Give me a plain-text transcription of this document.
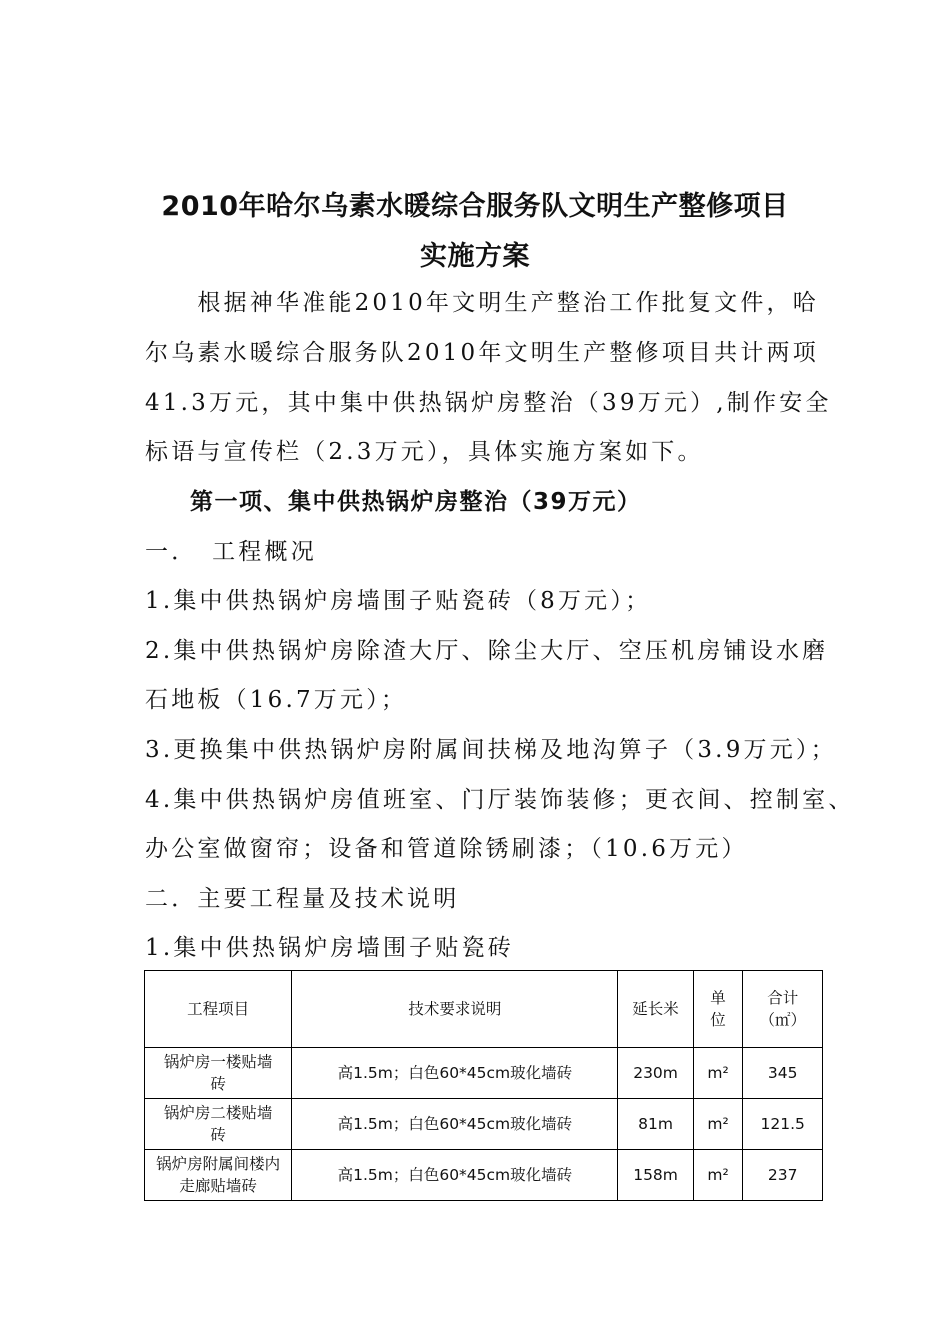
2010年哈尔乌素水暖综合服务队文明生产整修项目
实施方案
　　根据神华准能2010年文明生产整治工作批复文件，哈
尔乌素水暖综合服务队2010年文明生产整修项目共计两项
41.3万元，其中集中供热锅炉房整治（39万元）,制作安全
标语与宣传栏（2.3万元），具体实施方案如下。
第一项、集中供热锅炉房整治（39万元）
一．　工程概况
1.集中供热锅炉房墙围子贴瓷砖（8万元）；
2.集中供热锅炉房除渣大厅、除尘大厅、空压机房铺设水磨
石地板（16.7万元）；
3.更换集中供热锅炉房附属间扶梯及地沟箅子（3.9万元）；
4.集中供热锅炉房值班室、门厅装饰装修；更衣间、控制室、
办公室做窗帘；设备和管道除锈刷漆；（10.6万元）
二．主要工程量及技术说明
1.集中供热锅炉房墙围子贴瓷砖
工程项目	技术要求说明	延长米	单位	合计（㎡）
锅炉房一楼贴墙砖	高1.5m；白色60*45cm玻化墙砖	230m	m²	345
锅炉房二楼贴墙砖	高1.5m；白色60*45cm玻化墙砖	81m	m²	121.5
锅炉房附属间楼内走廊贴墙砖	高1.5m；白色60*45cm玻化墙砖	158m	m²	237
